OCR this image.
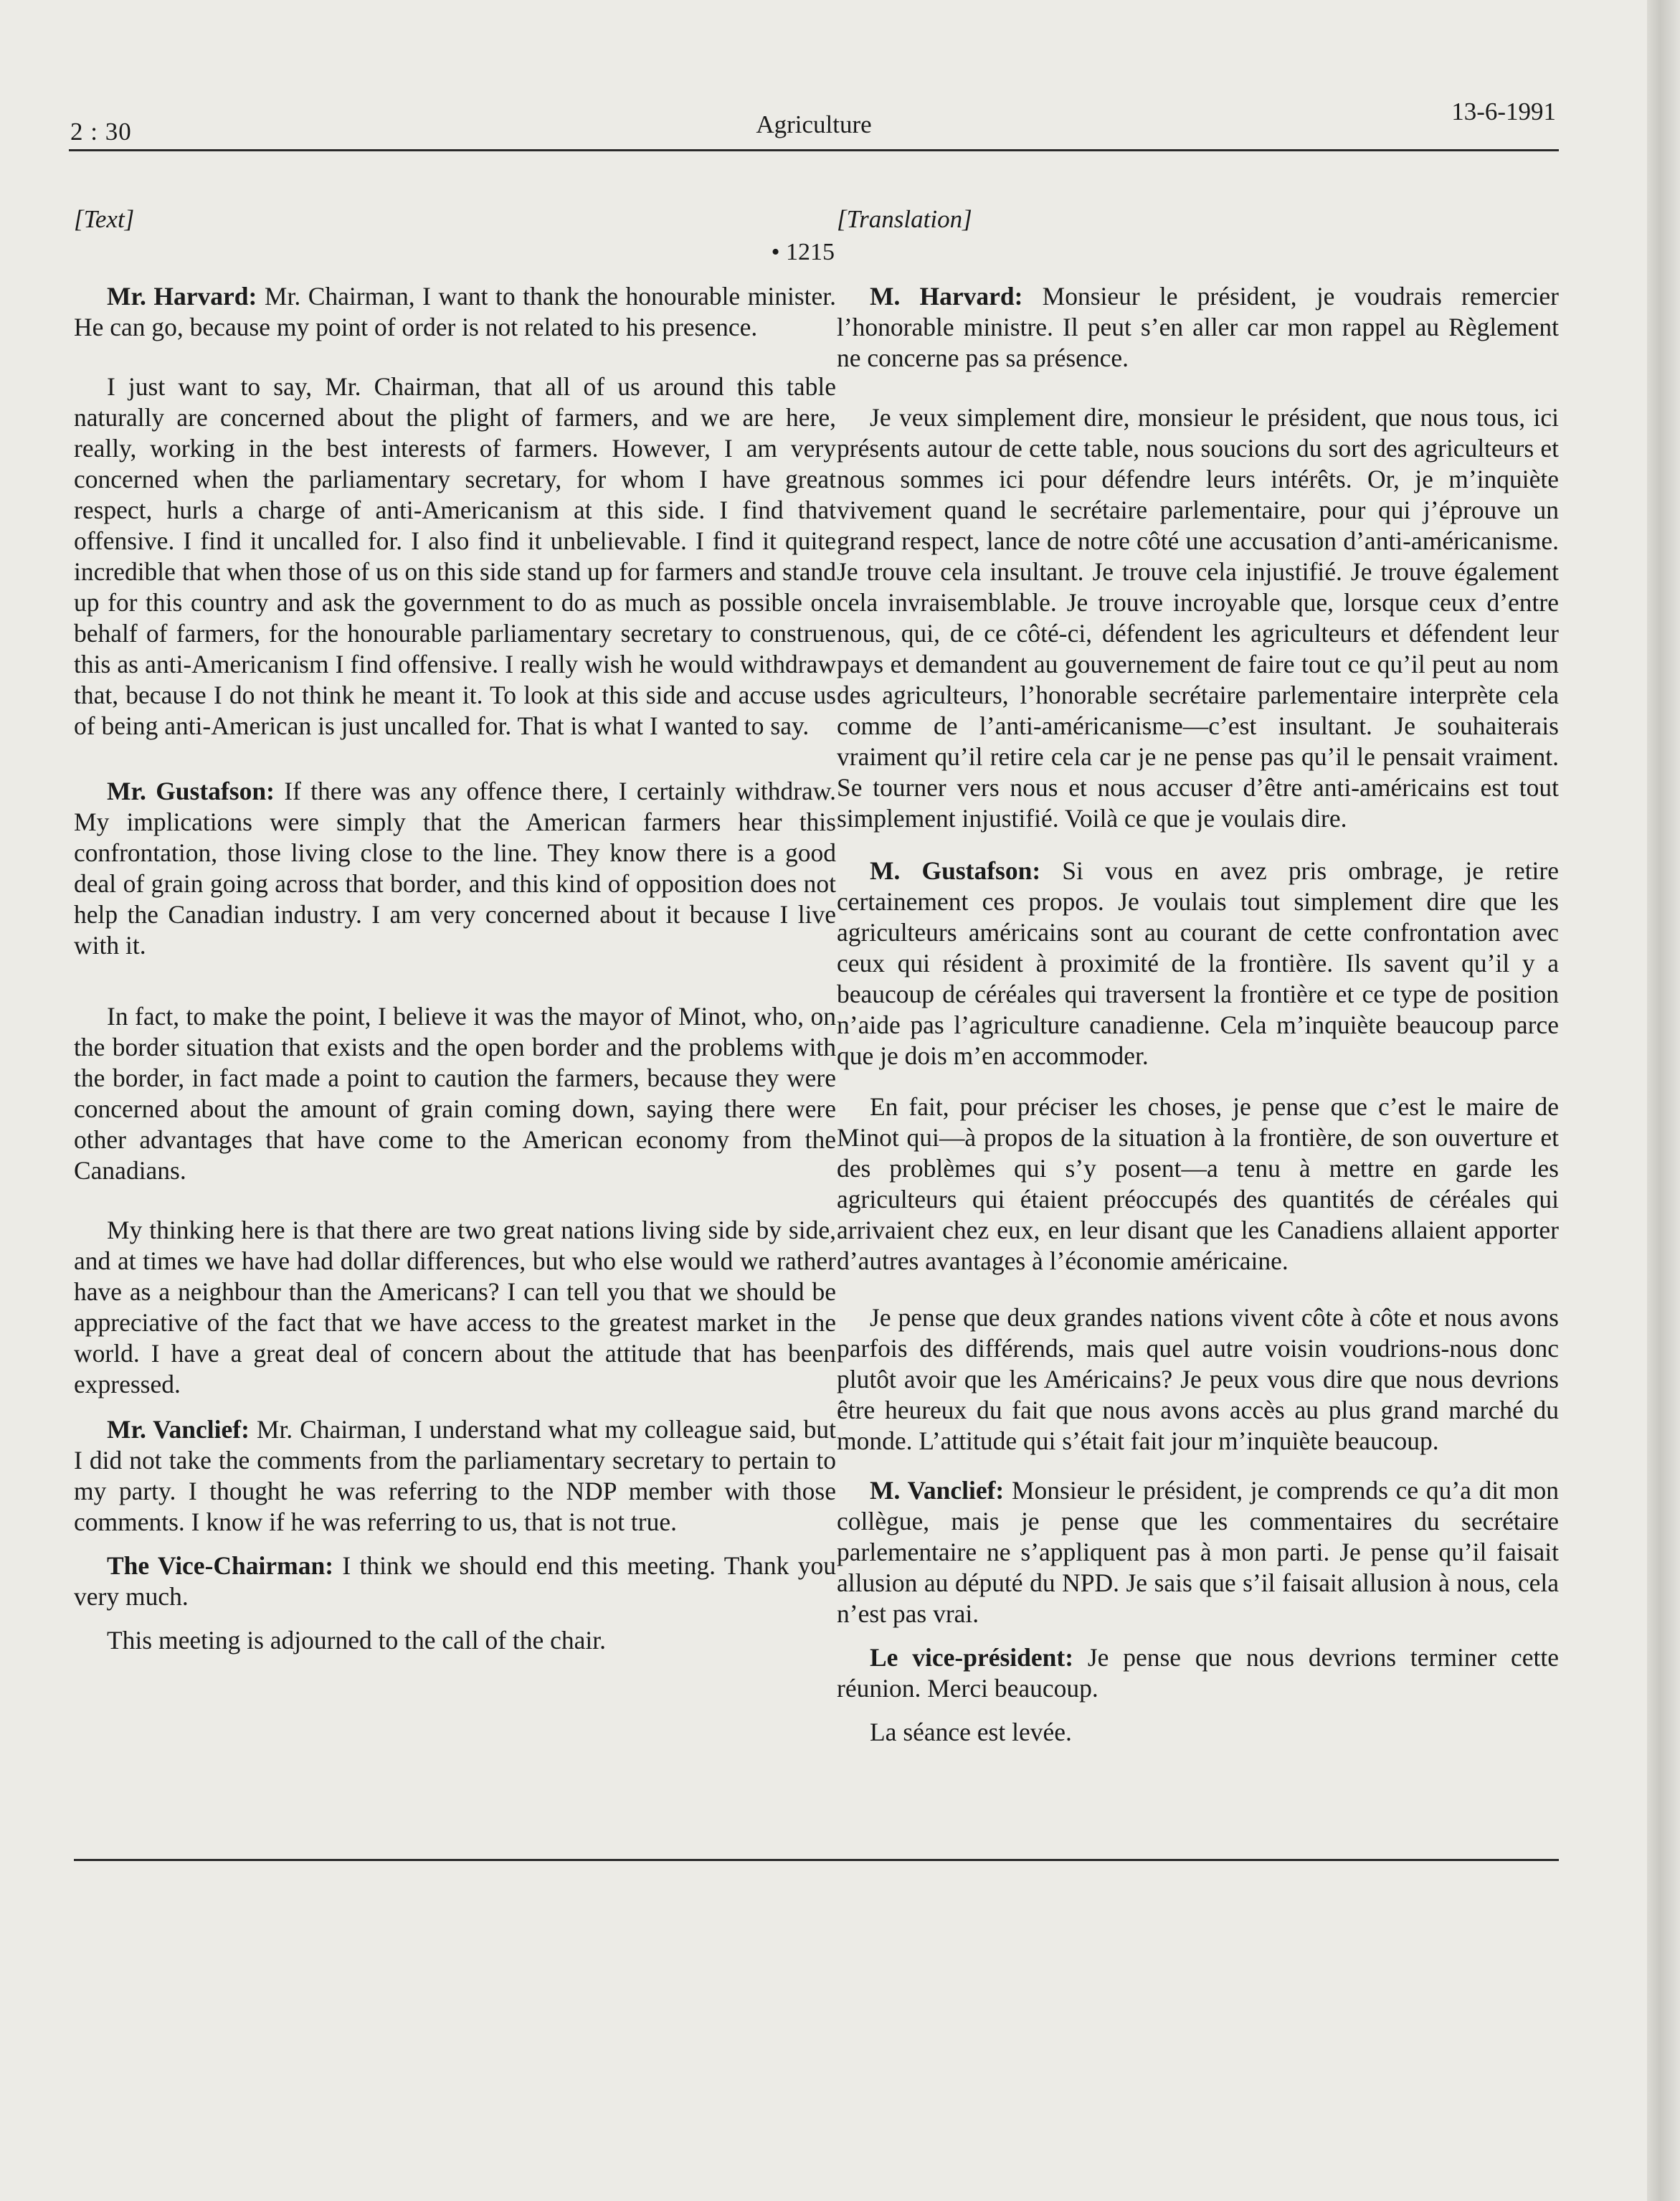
2 : 30	Agriculture	13-6-1991
[Text]
• 1215

Mr. Harvard: Mr. Chairman, I want to thank the honourable minister. He can go, because my point of order is not related to his presence.

I just want to say, Mr. Chairman, that all of us around this table naturally are concerned about the plight of farmers, and we are here, really, working in the best interests of farmers. However, I am very concerned when the parliamentary secretary, for whom I have great respect, hurls a charge of anti-Americanism at this side. I find that offensive. I find it uncalled for. I also find it unbelievable. I find it quite incredible that when those of us on this side stand up for farmers and stand up for this country and ask the government to do as much as possible on behalf of farmers, for the honourable parliamentary secretary to construe this as anti-Americanism I find offensive. I really wish he would withdraw that, because I do not think he meant it. To look at this side and accuse us of being anti-American is just uncalled for. That is what I wanted to say.

Mr. Gustafson: If there was any offence there, I certainly withdraw. My implications were simply that the American farmers hear this confrontation, those living close to the line. They know there is a good deal of grain going across that border, and this kind of opposition does not help the Canadian industry. I am very concerned about it because I live with it.

In fact, to make the point, I believe it was the mayor of Minot, who, on the border situation that exists and the open border and the problems with the border, in fact made a point to caution the farmers, because they were concerned about the amount of grain coming down, saying there were other advantages that have come to the American economy from the Canadians.

My thinking here is that there are two great nations living side by side, and at times we have had dollar differences, but who else would we rather have as a neighbour than the Americans? I can tell you that we should be appreciative of the fact that we have access to the greatest market in the world. I have a great deal of concern about the attitude that has been expressed.

Mr. Vanclief: Mr. Chairman, I understand what my colleague said, but I did not take the comments from the parliamentary secretary to pertain to my party. I thought he was referring to the NDP member with those comments. I know if he was referring to us, that is not true.

The Vice-Chairman: I think we should end this meeting. Thank you very much.

This meeting is adjourned to the call of the chair.

[Translation]

M. Harvard: Monsieur le président, je voudrais remercier l’honorable ministre. Il peut s’en aller car mon rappel au Règlement ne concerne pas sa présence.

Je veux simplement dire, monsieur le président, que nous tous, ici présents autour de cette table, nous soucions du sort des agriculteurs et nous sommes ici pour défendre leurs intérêts. Or, je m’inquiète vivement quand le secrétaire parlementaire, pour qui j’éprouve un grand respect, lance de notre côté une accusation d’anti-américanisme. Je trouve cela insultant. Je trouve cela injustifié. Je trouve également cela invraisemblable. Je trouve incroyable que, lorsque ceux d’entre nous, qui, de ce côté-ci, défendent les agriculteurs et défendent leur pays et demandent au gouvernement de faire tout ce qu’il peut au nom des agriculteurs, l’honorable secrétaire parlementaire interprète cela comme de l’anti-américanisme—c’est insultant. Je souhaiterais vraiment qu’il retire cela car je ne pense pas qu’il le pensait vraiment. Se tourner vers nous et nous accuser d’être anti-américains est tout simplement injustifié. Voilà ce que je voulais dire.

M. Gustafson: Si vous en avez pris ombrage, je retire certainement ces propos. Je voulais tout simplement dire que les agriculteurs américains sont au courant de cette confrontation avec ceux qui résident à proximité de la frontière. Ils savent qu’il y a beaucoup de céréales qui traversent la frontière et ce type de position n’aide pas l’agriculture canadienne. Cela m’inquiète beaucoup parce que je dois m’en accommoder.

En fait, pour préciser les choses, je pense que c’est le maire de Minot qui—à propos de la situation à la frontière, de son ouverture et des problèmes qui s’y posent—a tenu à mettre en garde les agriculteurs qui étaient préoccupés des quantités de céréales qui arrivaient chez eux, en leur disant que les Canadiens allaient apporter d’autres avantages à l’économie américaine.

Je pense que deux grandes nations vivent côte à côte et nous avons parfois des différends, mais quel autre voisin voudrions-nous donc plutôt avoir que les Américains? Je peux vous dire que nous devrions être heureux du fait que nous avons accès au plus grand marché du monde. L’attitude qui s’était fait jour m’inquiète beaucoup.

M. Vanclief: Monsieur le président, je comprends ce qu’a dit mon collègue, mais je pense que les commentaires du secrétaire parlementaire ne s’appliquent pas à mon parti. Je pense qu’il faisait allusion au député du NPD. Je sais que s’il faisait allusion à nous, cela n’est pas vrai.

Le vice-président: Je pense que nous devrions terminer cette réunion. Merci beaucoup.

La séance est levée.
